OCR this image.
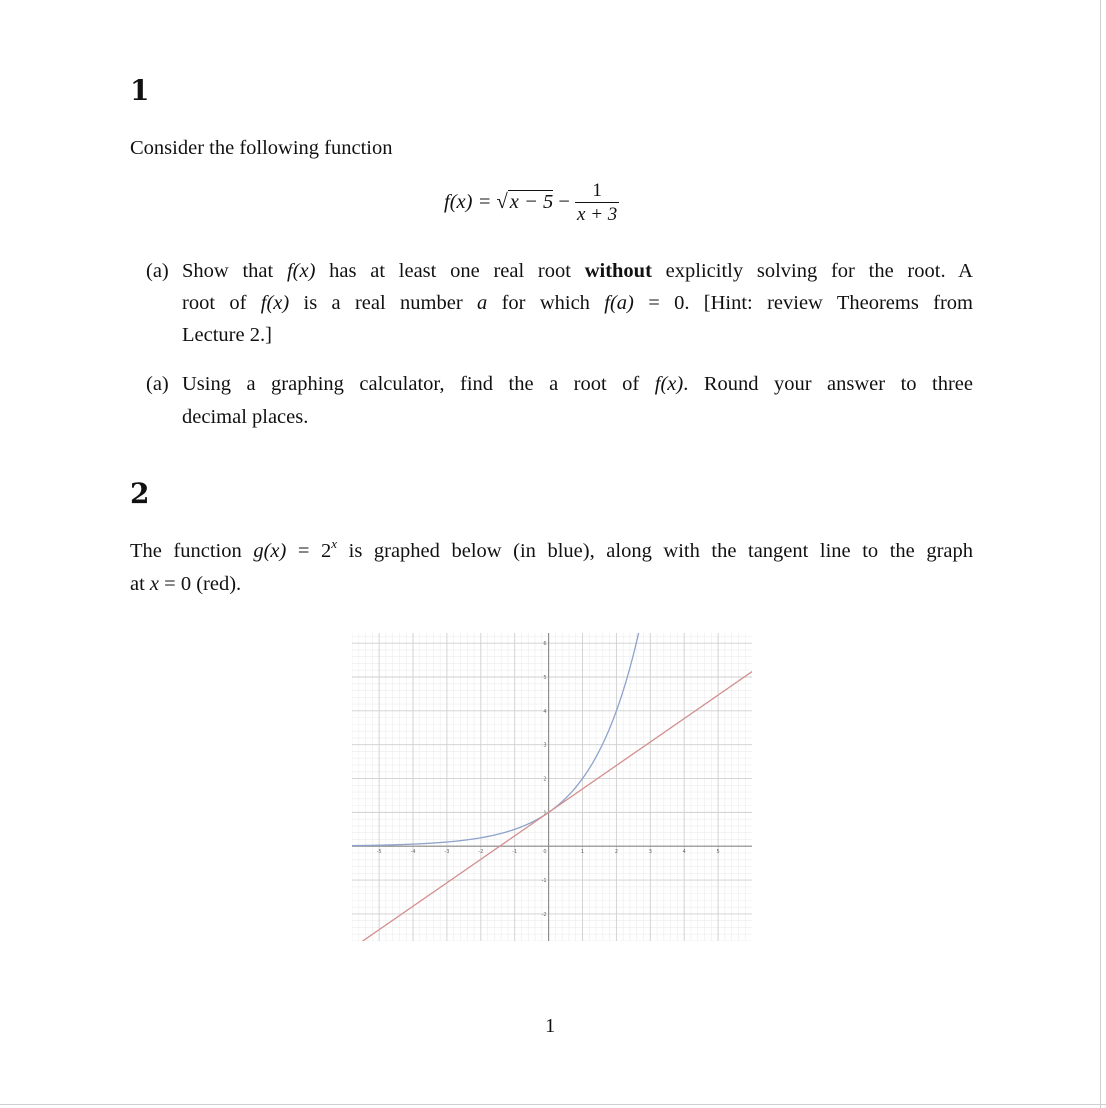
1
Consider the following function
$f(x) = √x - 5 - \frac{1}{x + 3}$
(a) Show that f(x) has at least one real root without explicitly solving for the root. A
root of f(x) is a real number a for which f(a) = 0. [Hint: review Theorems from
Lecture 2.]
(a) Using a graphing calculator, find the a root of f(x). Round your answer to three
decimal places.
2
The function $g(x) = 2^x$ is graphed below (in blue), along with the tangent line to the graph
at x = 0 (red).
-5	-4	-3	-2	-1	1	2	3	4	5
-2
-1
1
2
3
4
5
6
0
1
